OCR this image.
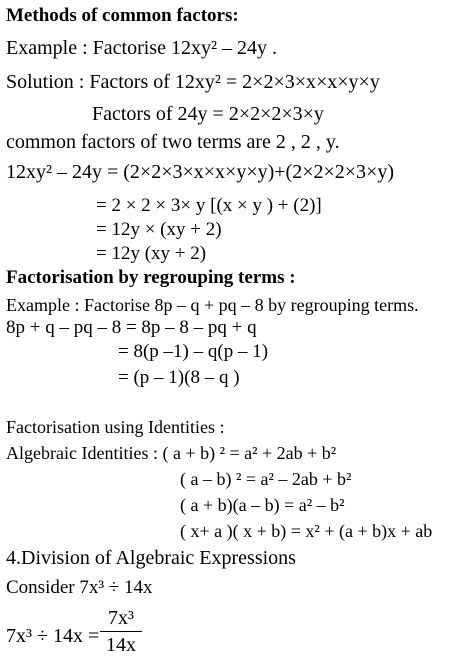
Methods of common factors:
Example : Factorise 12xy² – 24y .
Solution : Factors of 12xy² = 2×2×3×x×x×y×y
Factors of 24y = 2×2×2×3×y
common factors of two terms are 2 , 2 , y.
12xy² – 24y = (2×2×3×x×x×y×y)+(2×2×2×3×y)
= 2 × 2 × 3× y [(x × y ) + (2)]
= 12y × (xy + 2)
= 12y (xy + 2)
Factorisation by regrouping terms :
Example : Factorise 8p – q + pq – 8 by regrouping terms.
8p + q – pq – 8 = 8p – 8 – pq + q
= 8(p –1) – q(p – 1)
= (p – 1)(8 – q )
Factorisation using Identities :
Algebraic Identities : ( a + b) ² = a² + 2ab + b²
( a – b) ² = a² – 2ab + b²
( a + b)(a – b) = a² – b²
( x+ a )( x + b) = x² + (a + b)x + ab
4.Division of Algebraic Expressions
Consider 7x³ ÷ 14x
7x³ ÷ 14x =
7x³
14x
